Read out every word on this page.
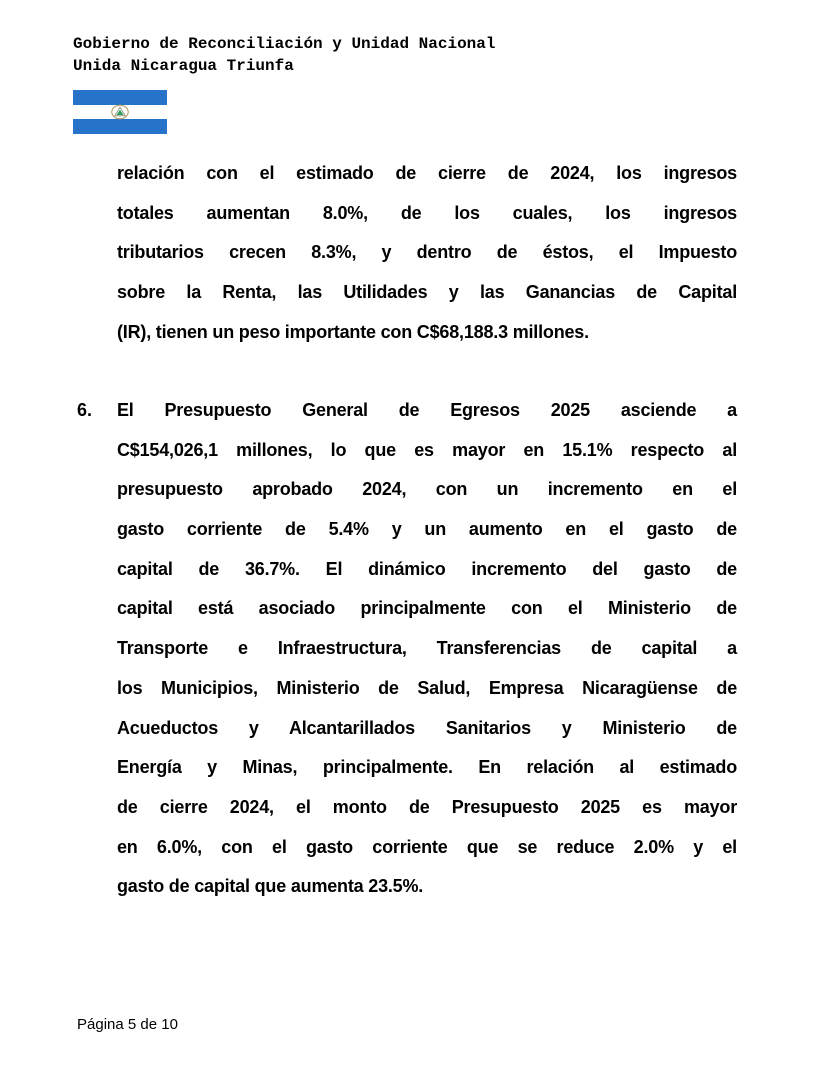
Gobierno de Reconciliación y Unidad Nacional
Unida Nicaragua Triunfa
relación con el estimado de cierre de 2024, los ingresos
totales aumentan 8.0%, de los cuales, los ingresos
tributarios crecen 8.3%, y dentro de éstos, el Impuesto
sobre la Renta, las Utilidades y las Ganancias de Capital
(IR), tienen un peso importante con C$68,188.3 millones.
6. El Presupuesto General de Egresos 2025 asciende a
C$154,026,1 millones, lo que es mayor en 15.1% respecto al
presupuesto aprobado 2024, con un incremento en el
gasto corriente de 5.4% y un aumento en el gasto de
capital de 36.7%. El dinámico incremento del gasto de
capital está asociado principalmente con el Ministerio de
Transporte e Infraestructura, Transferencias de capital a
los Municipios, Ministerio de Salud, Empresa Nicaragüense de
Acueductos y Alcantarillados Sanitarios y Ministerio de
Energía y Minas, principalmente. En relación al estimado
de cierre 2024, el monto de Presupuesto 2025 es mayor
en 6.0%, con el gasto corriente que se reduce 2.0% y el
gasto de capital que aumenta 23.5%.
Página 5 de 10
